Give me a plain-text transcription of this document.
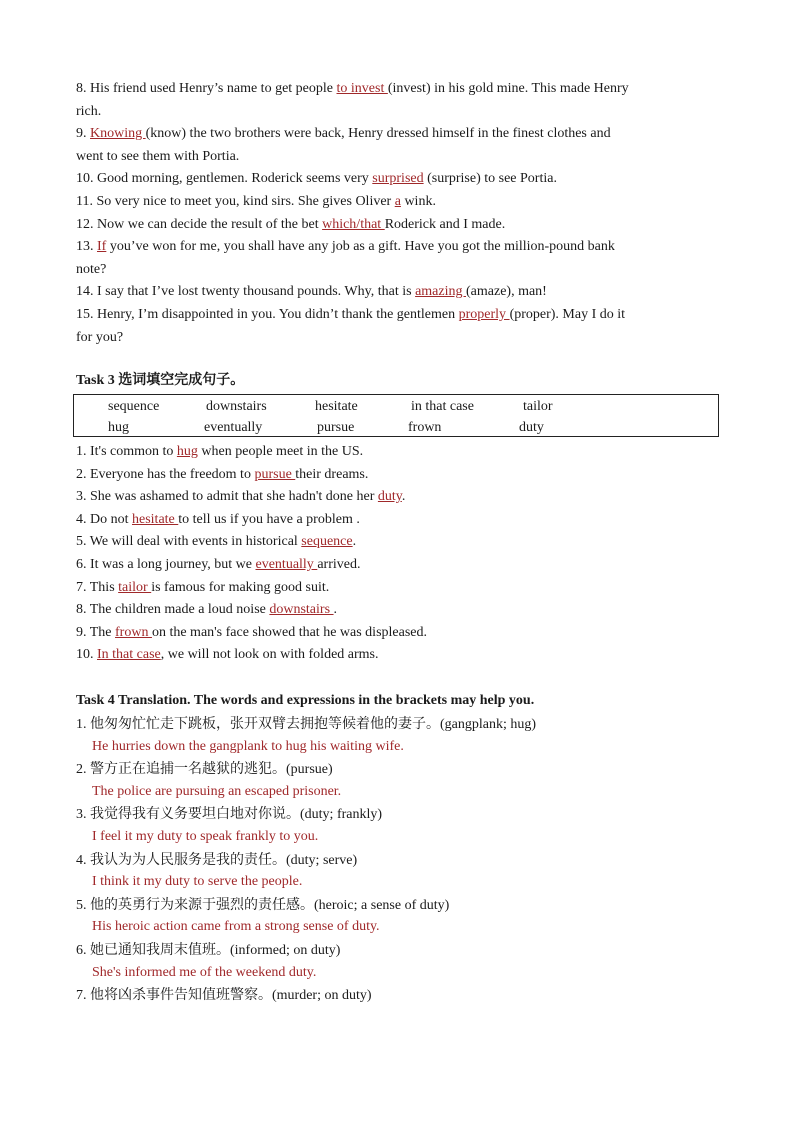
8. His friend used Henry’s name to get people to invest (invest) in his gold mine. This made Henry
rich.
9. Knowing (know) the two brothers were back, Henry dressed himself in the finest clothes and
went to see them with Portia.
10. Good morning, gentlemen. Roderick seems very surprised (surprise) to see Portia.
11. So very nice to meet you, kind sirs. She gives Oliver a wink.
12. Now we can decide the result of the bet which/that Roderick and I made.
13. If you’ve won for me, you shall have any job as a gift. Have you got the million-pound bank
note?
14. I say that I’ve lost twenty thousand pounds. Why, that is amazing (amaze), man!
15. Henry, I’m disappointed in you. You didn’t thank the gentlemen properly (proper). May I do it
for you?
Task 3 选词填空完成句子。
sequence	downstairs	hesitate	in that case	tailor
hug	eventually	pursue	frown	duty
1. It's common to hug when people meet in the US.
2. Everyone has the freedom to pursue their dreams.
3. She was ashamed to admit that she hadn't done her duty.
4. Do not hesitate to tell us if you have a problem .
5. We will deal with events in historical sequence.
6. It was a long journey, but we eventually arrived.
7. This tailor is famous for making good suit.
8. The children made a loud noise downstairs .
9. The frown on the man's face showed that he was displeased.
10. In that case, we will not look on with folded arms.
Task 4 Translation. The words and expressions in the brackets may help you.
1. 他匆匆忙忙走下跳板，张开双臂去拥抱等候着他的妻子。(gangplank; hug)
He hurries down the gangplank to hug his waiting wife.
2. 警方正在追捕一名越狱的逃犯。(pursue)
The police are pursuing an escaped prisoner.
3. 我觉得我有义务要坦白地对你说。(duty; frankly)
I feel it my duty to speak frankly to you.
4. 我认为为人民服务是我的责任。(duty; serve)
I think it my duty to serve the people.
5. 他的英勇行为来源于强烈的责任感。(heroic; a sense of duty)
His heroic action came from a strong sense of duty.
6. 她已通知我周末值班。(informed; on duty)
She's informed me of the weekend duty.
7. 他将凶杀事件告知值班警察。(murder; on duty)
